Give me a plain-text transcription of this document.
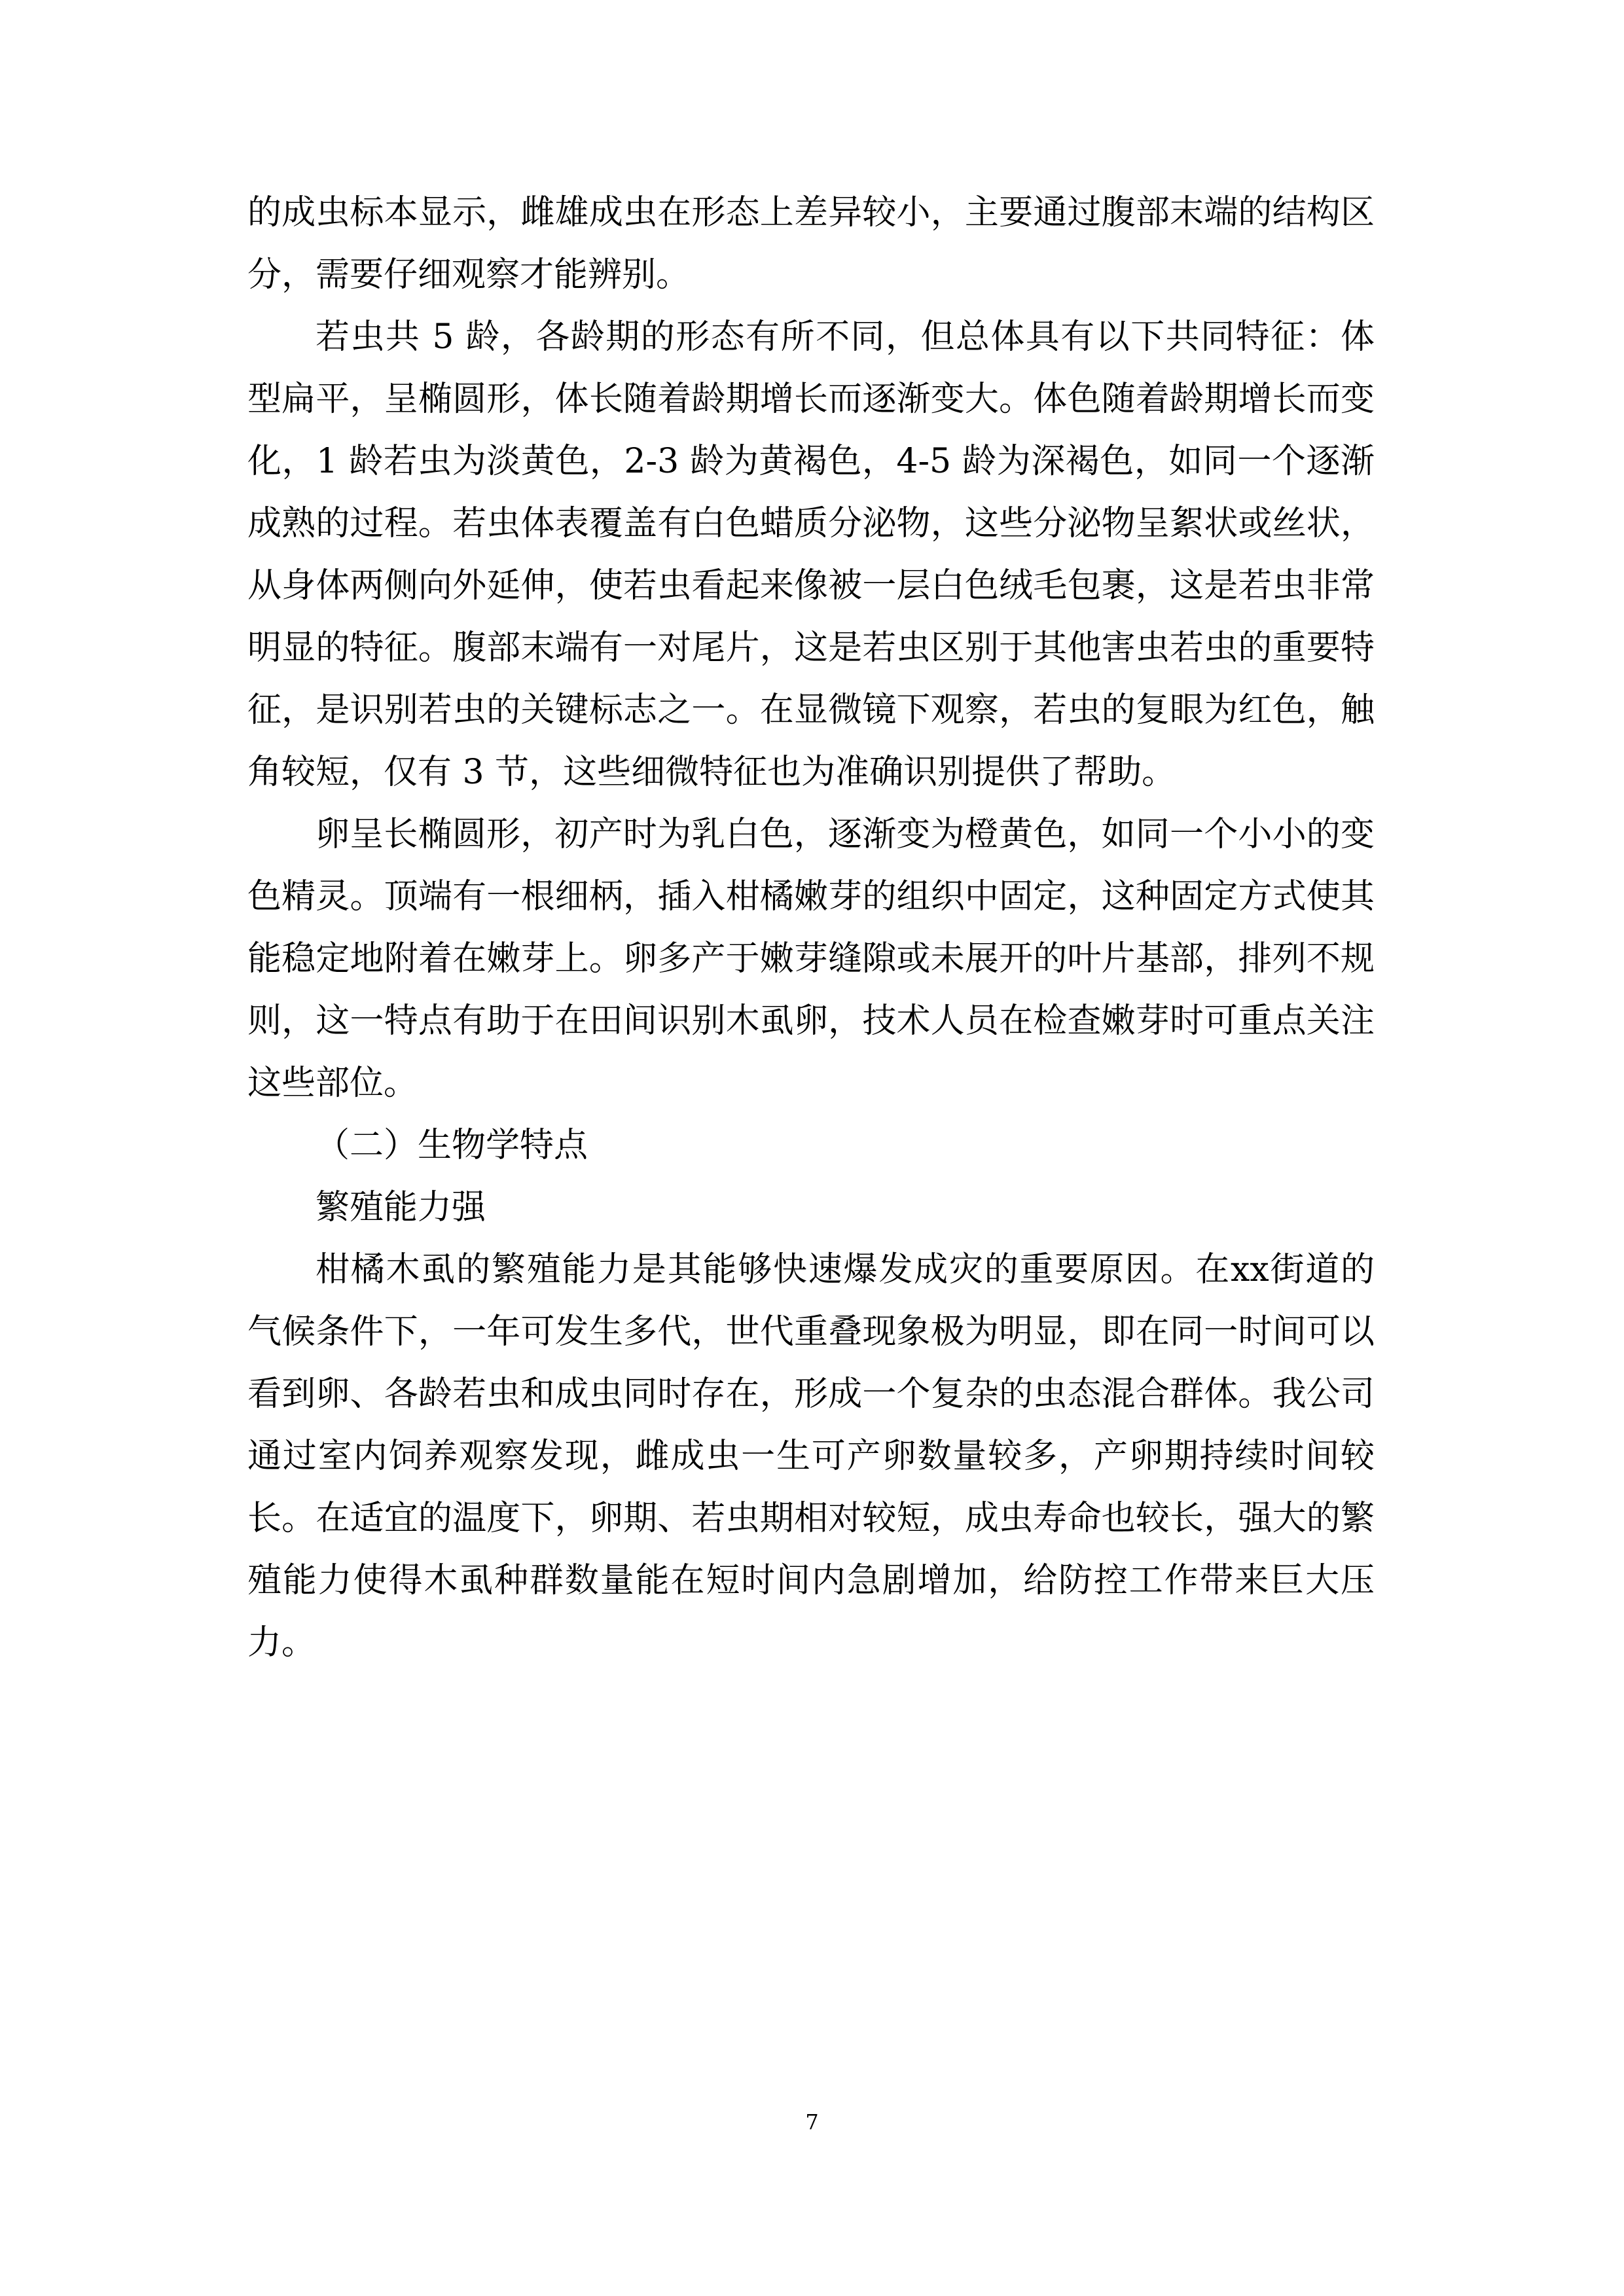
的成虫标本显示，雌雄成虫在形态上差异较小，主要通过腹部末端的结构区分，需要仔细观察才能辨别。

若虫共 5 龄，各龄期的形态有所不同，但总体具有以下共同特征：体型扁平，呈椭圆形，体长随着龄期增长而逐渐变大。体色随着龄期增长而变化，1 龄若虫为淡黄色，2-3 龄为黄褐色，4-5 龄为深褐色，如同一个逐渐成熟的过程。若虫体表覆盖有白色蜡质分泌物，这些分泌物呈絮状或丝状，从身体两侧向外延伸，使若虫看起来像被一层白色绒毛包裹，这是若虫非常明显的特征。腹部末端有一对尾片，这是若虫区别于其他害虫若虫的重要特征，是识别若虫的关键标志之一。在显微镜下观察，若虫的复眼为红色，触角较短，仅有 3 节，这些细微特征也为准确识别提供了帮助。

卵呈长椭圆形，初产时为乳白色，逐渐变为橙黄色，如同一个小小的变色精灵。顶端有一根细柄，插入柑橘嫩芽的组织中固定，这种固定方式使其能稳定地附着在嫩芽上。卵多产于嫩芽缝隙或未展开的叶片基部，排列不规则，这一特点有助于在田间识别木虱卵，技术人员在检查嫩芽时可重点关注这些部位。

（二）生物学特点

繁殖能力强

柑橘木虱的繁殖能力是其能够快速爆发成灾的重要原因。在xx街道的气候条件下，一年可发生多代，世代重叠现象极为明显，即在同一时间可以看到卵、各龄若虫和成虫同时存在，形成一个复杂的虫态混合群体。我公司通过室内饲养观察发现，雌成虫一生可产卵数量较多，产卵期持续时间较长。在适宜的温度下，卵期、若虫期相对较短，成虫寿命也较长，强大的繁殖能力使得木虱种群数量能在短时间内急剧增加，给防控工作带来巨大压力。

7
